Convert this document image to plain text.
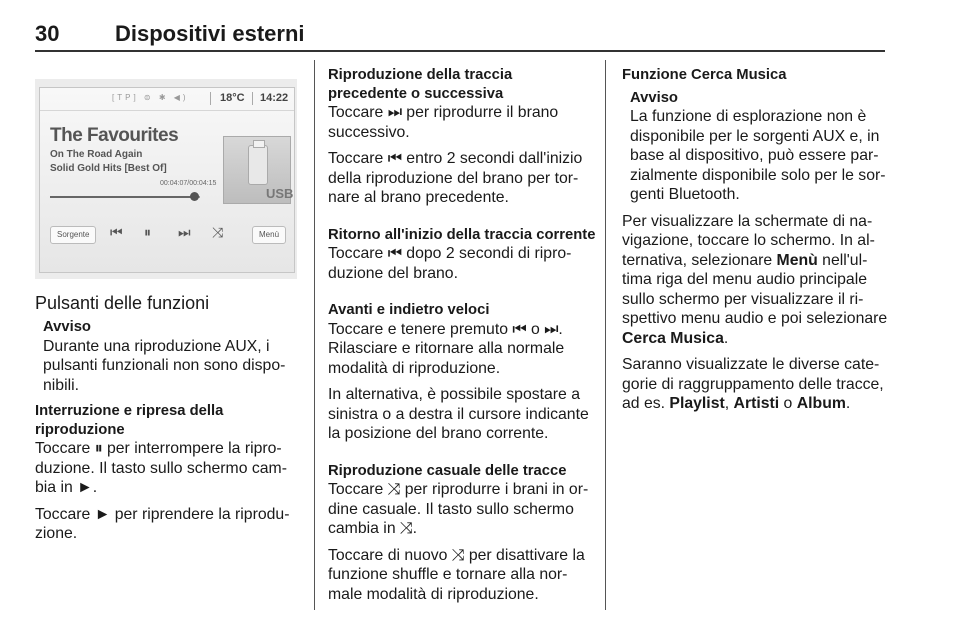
30	Dispositivi esterni
[TP] ⊜ ✱ ◀)	18°C 14:22
The Favourites
On The Road Again
Solid Gold Hits [Best Of]
00:04:07/00:04:15
USB
Sorgente	⏮ ⏸ ⏭ ⤨	Menù
Pulsanti delle funzioni
Avviso
Durante una riproduzione AUX, i
pulsanti funzionali non sono dispo-
nibili.
Interruzione e ripresa della
riproduzione

Toccare ⏸ per interrompere la ripro-
duzione. Il tasto sullo schermo cam-
bia in ►.

Toccare ► per riprendere la riprodu-
zione.

Riproduzione della traccia
precedente o successiva

Toccare ⏭ per riprodurre il brano
successivo.

Toccare ⏮ entro 2 secondi dall'inizio
della riproduzione del brano per tor-
nare al brano precedente.

Ritorno all'inizio della traccia corrente

Toccare ⏮ dopo 2 secondi di ripro-
duzione del brano.

Avanti e indietro veloci

Toccare e tenere premuto ⏮ o ⏭.
Rilasciare e ritornare alla normale
modalità di riproduzione.

In alternativa, è possibile spostare a
sinistra o a destra il cursore indicante
la posizione del brano corrente.

Riproduzione casuale delle tracce

Toccare ⤨ per riprodurre i brani in or-
dine casuale. Il tasto sullo schermo
cambia in ⤨.

Toccare di nuovo ⤨ per disattivare la
funzione shuffle e tornare alla nor-
male modalità di riproduzione.

Funzione Cerca Musica
Avviso
La funzione di esplorazione non è
disponibile per le sorgenti AUX e, in
base al dispositivo, può essere par-
zialmente disponibile solo per le sor-
genti Bluetooth.

Per visualizzare la schermate di na-
vigazione, toccare lo schermo. In al-
ternativa, selezionare Menù nell'ul-
tima riga del menu audio principale
sullo schermo per visualizzare il ri-
spettivo menu audio e poi selezionare
Cerca Musica.

Saranno visualizzate le diverse cate-
gorie di raggruppamento delle tracce,
ad es. Playlist, Artisti o Album.
